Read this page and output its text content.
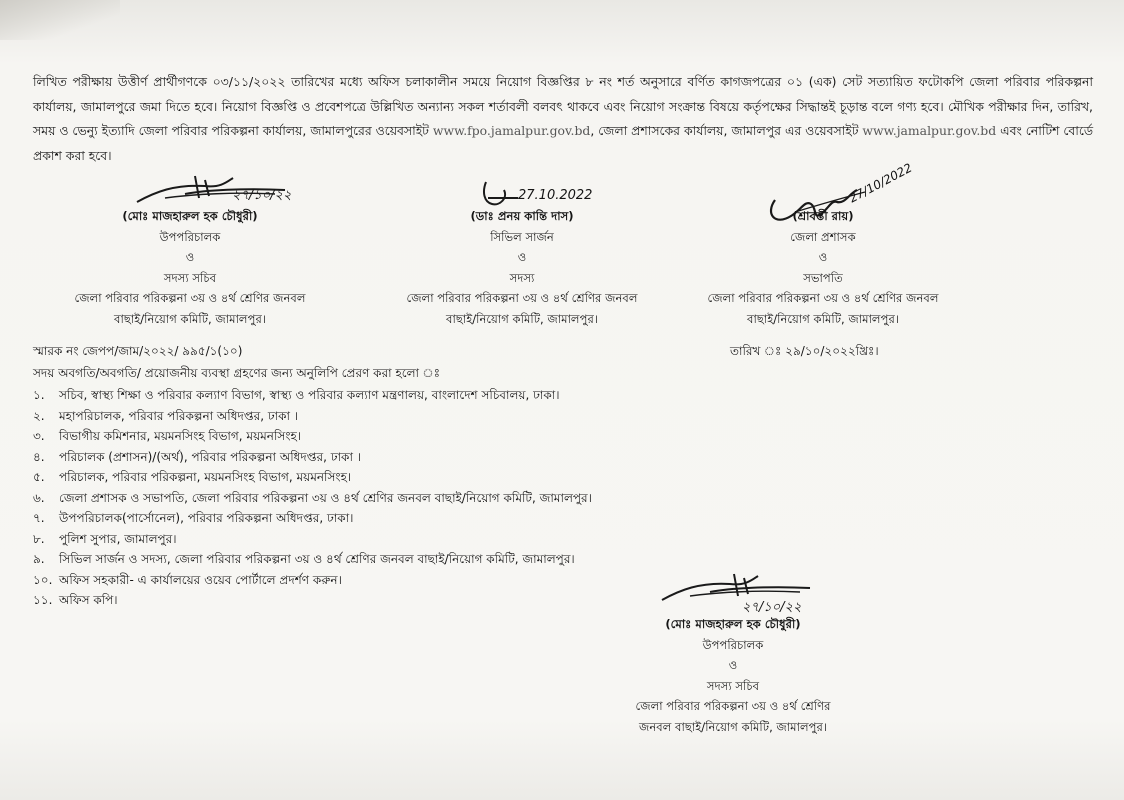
লিখিত পরীক্ষায় উত্তীর্ণ প্রার্থীগণকে ০৩/১১/২০২২ তারিখের মধ্যে অফিস চলাকালীন সময়ে নিয়োগ বিজ্ঞপ্তির ৮ নং শর্ত অনুসারে বর্ণিত কাগজপত্রের ০১ (এক) সেট সত্যায়িত ফটোকপি জেলা পরিবার পরিকল্পনা কার্যালয়, জামালপুরে জমা দিতে হবে। নিয়োগ বিজ্ঞপ্তি ও প্রবেশপত্রে উল্লিখিত অন্যান্য সকল শর্তাবলী বলবৎ থাকবে এবং নিয়োগ সংক্রান্ত বিষয়ে কর্তৃপক্ষের সিদ্ধান্তই চূড়ান্ত বলে গণ্য হবে। মৌখিক পরীক্ষার দিন, তারিখ, সময় ও ভেন্যু ইত্যাদি জেলা পরিবার পরিকল্পনা কার্যালয়, জামালপুরের ওয়েবসাইট www.fpo.jamalpur.gov.bd, জেলা প্রশাসকের কার্যালয়, জামালপুর এর ওয়েবসাইট www.jamalpur.gov.bd এবং নোটিশ বোর্ডে প্রকাশ করা হবে।
২৭/১০/২২
(মোঃ মাজহারুল হক চৌধুরী)
উপপরিচালক
ও
সদস্য সচিব
জেলা পরিবার পরিকল্পনা ৩য় ও ৪র্থ শ্রেণির জনবল
বাছাই/নিয়োগ কমিটি, জামালপুর।
27.10.2022
(ডাঃ প্রনয় কান্তি দাস)
সিভিল সার্জন
ও
সদস্য
জেলা পরিবার পরিকল্পনা ৩য় ও ৪র্থ শ্রেণির জনবল
বাছাই/নিয়োগ কমিটি, জামালপুর।
27/10/2022
(শ্রাবস্তী রায়)
জেলা প্রশাসক
ও
সভাপতি
জেলা পরিবার পরিকল্পনা ৩য় ও ৪র্থ শ্রেণির জনবল
বাছাই/নিয়োগ কমিটি, জামালপুর।
স্মারক নং জেপপ/জাম/২০২২/ ৯৯৫/১(১০)	তারিখ ঃ ২৯/১০/২০২২খ্রিঃ।
সদয় অবগতি/অবগতি/ প্রয়োজনীয় ব্যবস্থা গ্রহণের জন্য অনুলিপি প্রেরণ করা হলো ঃ
১.	সচিব, স্বাস্থ্য শিক্ষা ও পরিবার কল্যাণ বিভাগ, স্বাস্থ্য ও পরিবার কল্যাণ মন্ত্রণালয়, বাংলাদেশ সচিবালয়, ঢাকা।
২.	মহাপরিচালক, পরিবার পরিকল্পনা অধিদপ্তর, ঢাকা ।
৩.	বিভাগীয় কমিশনার, ময়মনসিংহ বিভাগ, ময়মনসিংহ।
৪.	পরিচালক (প্রশাসন)/(অর্থ), পরিবার পরিকল্পনা অধিদপ্তর, ঢাকা ।
৫.	পরিচালক, পরিবার পরিকল্পনা, ময়মনসিংহ বিভাগ, ময়মনসিংহ।
৬.	জেলা প্রশাসক ও সভাপতি, জেলা পরিবার পরিকল্পনা ৩য় ও ৪র্থ শ্রেণির জনবল বাছাই/নিয়োগ কমিটি, জামালপুর।
৭.	উপপরিচালক(পার্সোনেল), পরিবার পরিকল্পনা অধিদপ্তর, ঢাকা।
৮.	পুলিশ সুপার, জামালপুর।
৯.	সিভিল সার্জন ও সদস্য, জেলা পরিবার পরিকল্পনা ৩য় ও ৪র্থ শ্রেণির জনবল বাছাই/নিয়োগ কমিটি, জামালপুর।
১০. অফিস সহকারী- এ কার্যালয়ের ওয়েব পোর্টালে প্রদর্শণ করুন।
১১. অফিস কপি।	২৭/১০/২২
(মোঃ মাজহারুল হক চৌধুরী)
উপপরিচালক
ও
সদস্য সচিব
জেলা পরিবার পরিকল্পনা ৩য় ও ৪র্থ শ্রেণির
জনবল বাছাই/নিয়োগ কমিটি, জামালপুর।
